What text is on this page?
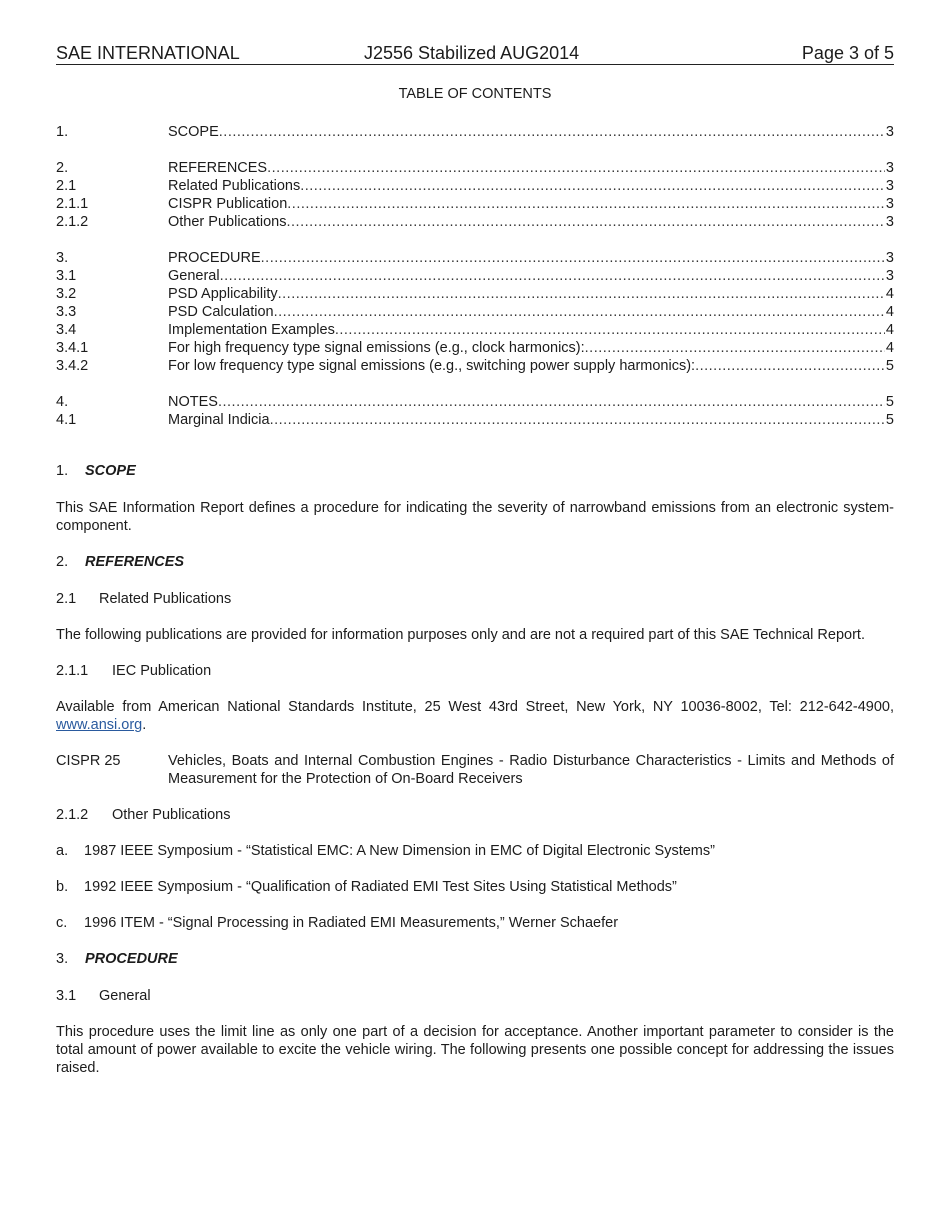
SAE INTERNATIONAL	J2556 Stabilized AUG2014	Page 3 of 5
TABLE OF CONTENTS
1.	SCOPE .....	3
2.	REFERENCES .....	3
2.1	Related Publications .....	3
2.1.1	CISPR Publication .....	3
2.1.2	Other Publications .....	3
3.	PROCEDURE .....	3
3.1	General .....	3
3.2	PSD Applicability .....	4
3.3	PSD Calculation .....	4
3.4	Implementation Examples .....	4
3.4.1	For high frequency type signal emissions (e.g., clock harmonics): .....	4
3.4.2	For low frequency type signal emissions (e.g., switching power supply harmonics): .....	5
4.	NOTES .....	5
4.1	Marginal Indicia .....	5
1. SCOPE

This SAE Information Report defines a procedure for indicating the severity of narrowband emissions from an electronic system-component.

2. REFERENCES
2.1 Related Publications

The following publications are provided for information purposes only and are not a required part of this SAE Technical Report.

2.1.1 IEC Publication

Available from American National Standards Institute, 25 West 43rd Street, New York, NY 10036-8002, Tel: 212-642-4900, www.ansi.org.

CISPR 25	Vehicles, Boats and Internal Combustion Engines - Radio Disturbance Characteristics - Limits and Methods of Measurement for the Protection of On-Board Receivers
2.1.2 Other Publications
a. 1987 IEEE Symposium - “Statistical EMC: A New Dimension in EMC of Digital Electronic Systems”
b. 1992 IEEE Symposium - “Qualification of Radiated EMI Test Sites Using Statistical Methods”
c. 1996 ITEM - “Signal Processing in Radiated EMI Measurements,” Werner Schaefer
3. PROCEDURE
3.1 General

This procedure uses the limit line as only one part of a decision for acceptance. Another important parameter to consider is the total amount of power available to excite the vehicle wiring. The following presents one possible concept for addressing the issues raised.
